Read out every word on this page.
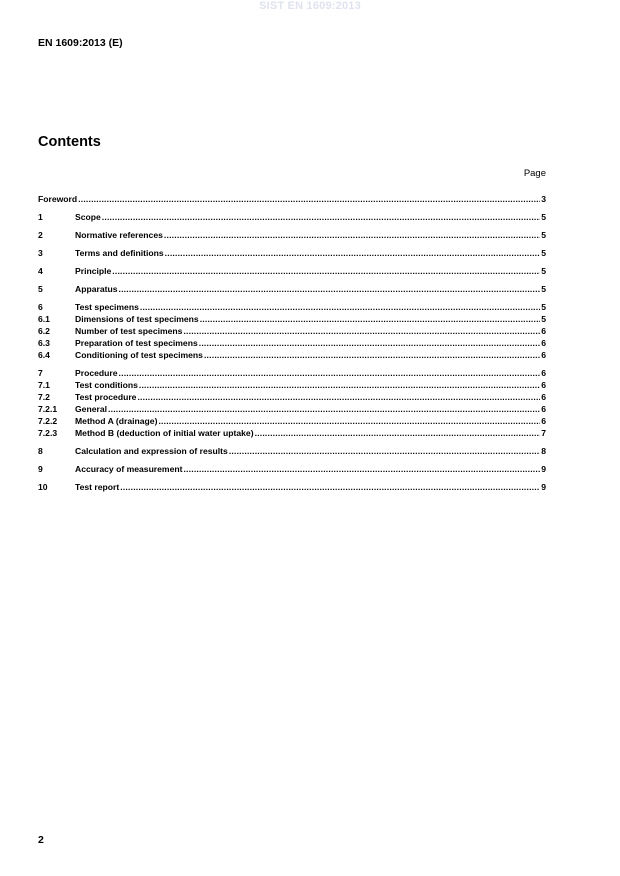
SIST EN 1609:2013
EN 1609:2013 (E)
Contents
Page
Foreword .....	3
1	Scope .....	5
2	Normative references .....	5
3	Terms and definitions .....	5
4	Principle .....	5
5	Apparatus .....	5
6	Test specimens .....	5
6.1	Dimensions of test specimens .....	5
6.2	Number of test specimens .....	6
6.3	Preparation of test specimens .....	6
6.4	Conditioning of test specimens .....	6
7	Procedure .....	6
7.1	Test conditions .....	6
7.2	Test procedure .....	6
7.2.1	General .....	6
7.2.2	Method A (drainage) .....	6
7.2.3	Method B (deduction of initial water uptake) .....	7
8	Calculation and expression of results .....	8
9	Accuracy of measurement .....	9
10	Test report .....	9
2
